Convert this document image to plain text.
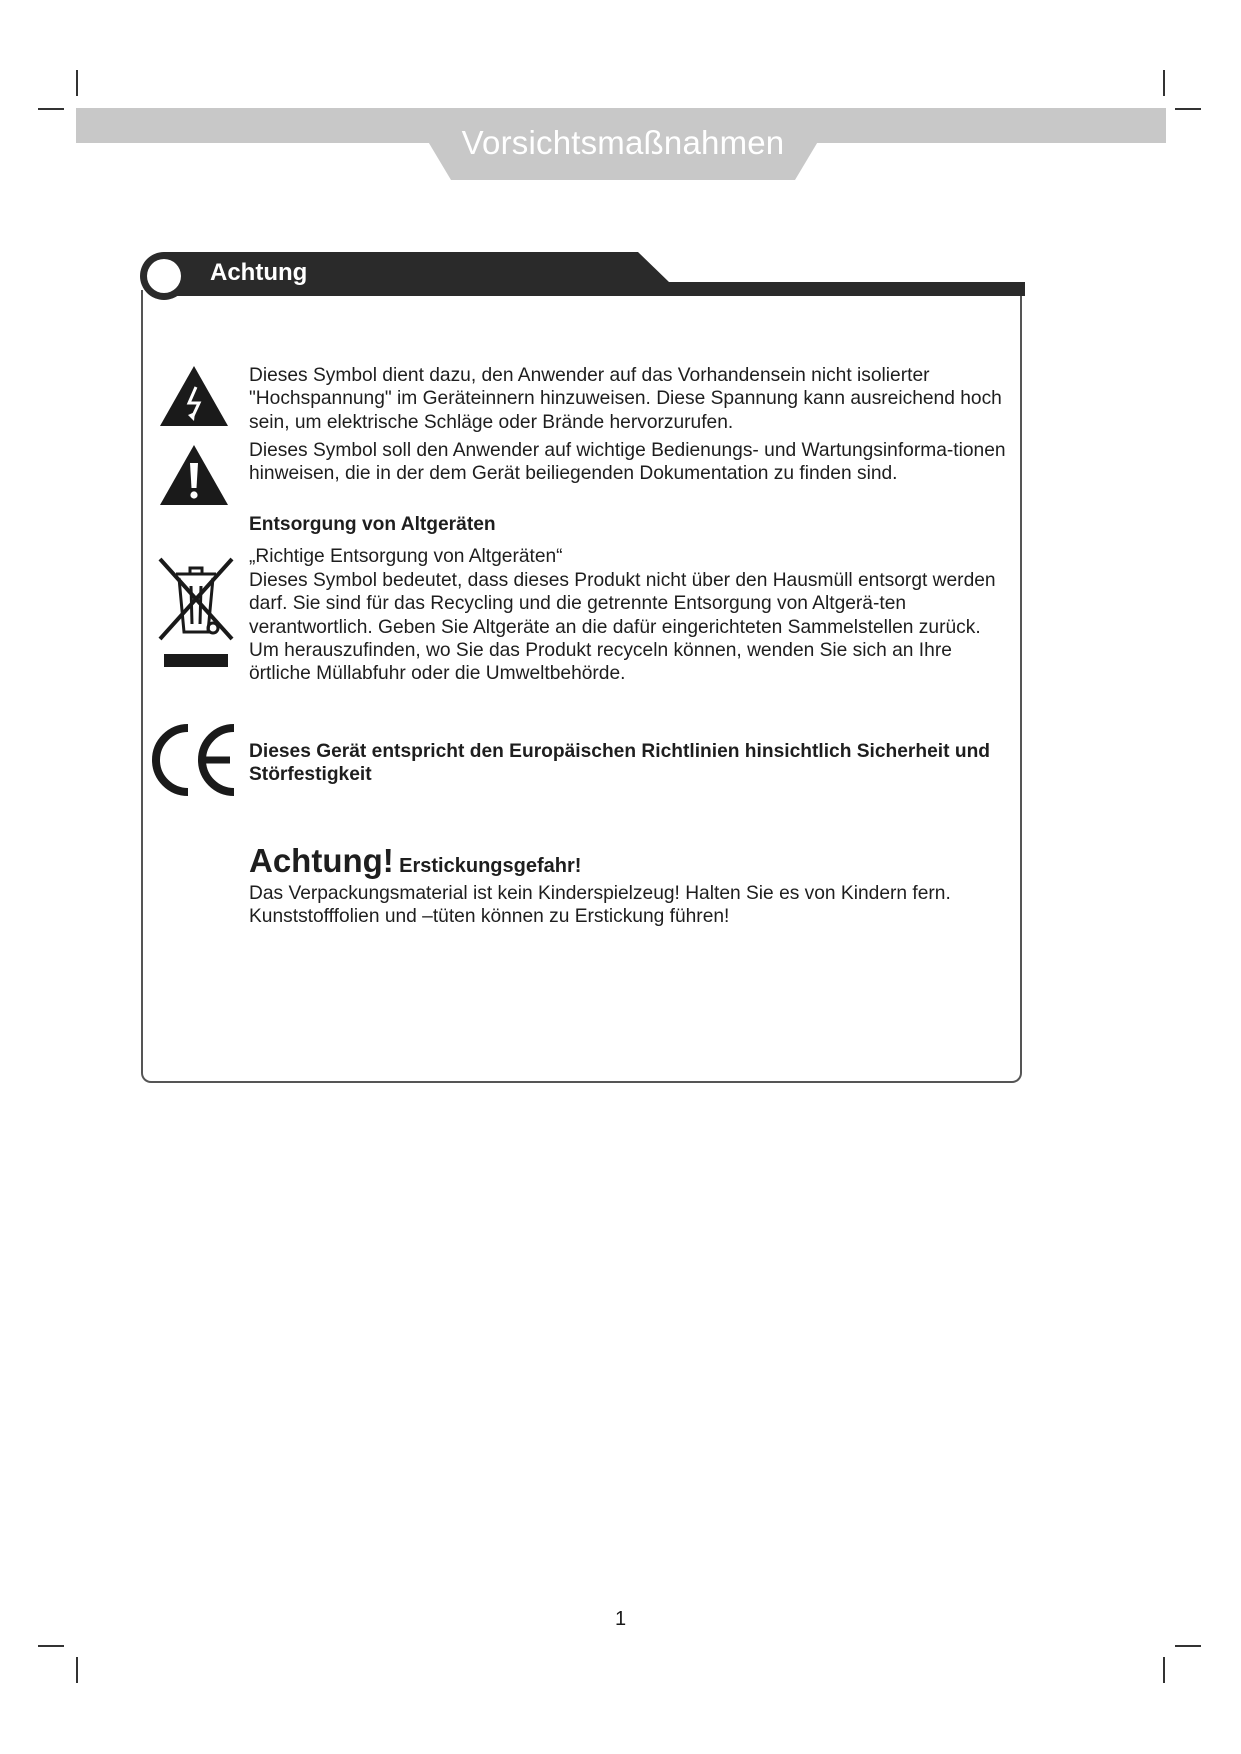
Vorsichtsmaßnahmen
Achtung
Dieses Symbol dient dazu, den Anwender auf das Vorhandensein nicht isolierter "Hochspannung" im Geräteinnern hinzuweisen. Diese Spannung kann ausreichend hoch sein, um elektrische Schläge oder Brände hervorzurufen.
Dieses Symbol soll den Anwender auf wichtige Bedienungs- und Wartungsinforma-tionen hinweisen, die in der dem Gerät beiliegenden Dokumentation zu finden sind.
Entsorgung von Altgeräten
„Richtige Entsorgung von Altgeräten“
Dieses Symbol bedeutet, dass dieses Produkt nicht über den Hausmüll entsorgt werden darf. Sie sind für das Recycling und die getrennte Entsorgung von Altgerä-ten verantwortlich. Geben Sie Altgeräte an die dafür eingerichteten Sammelstellen zurück. Um herauszufinden, wo Sie das Produkt recyceln können, wenden Sie sich an Ihre örtliche Müllabfuhr oder die Umweltbehörde.
Dieses Gerät entspricht den Europäischen Richtlinien hinsichtlich Sicherheit und Störfestigkeit
Achtung! Erstickungsgefahr!
Das Verpackungsmaterial ist kein Kinderspielzeug! Halten Sie es von Kindern fern. Kunststofffolien und –tüten können zu Erstickung führen!
1
